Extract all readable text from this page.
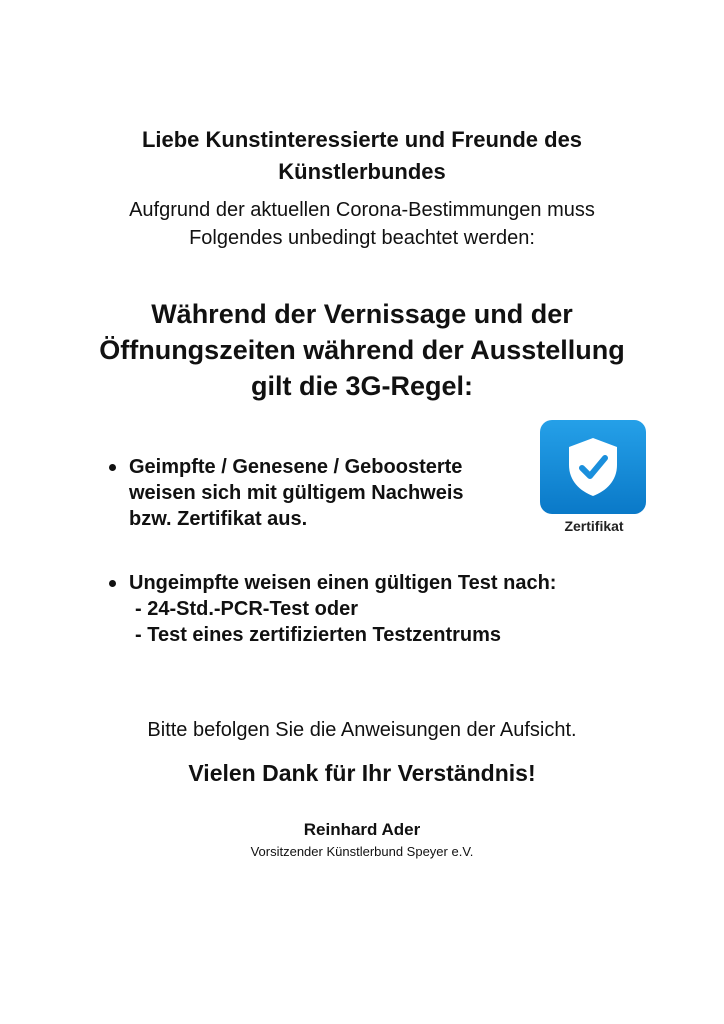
Liebe Kunstinteressierte und Freunde des
Künstlerbundes
Aufgrund der aktuellen Corona-Bestimmungen muss
Folgendes unbedingt beachtet werden:
Während der Vernissage und der
Öffnungszeiten während der Ausstellung
gilt die 3G-Regel:
Geimpfte / Genesene / Geboosterte
weisen sich mit gültigem Nachweis
bzw. Zertifikat aus.
Ungeimpfte weisen einen gültigen Test nach:
- 24-Std.-PCR-Test oder
- Test eines zertifizierten Testzentrums
Zertifikat
Bitte befolgen Sie die Anweisungen der Aufsicht.
Vielen Dank für Ihr Verständnis!
Reinhard Ader
Vorsitzender Künstlerbund Speyer e.V.
